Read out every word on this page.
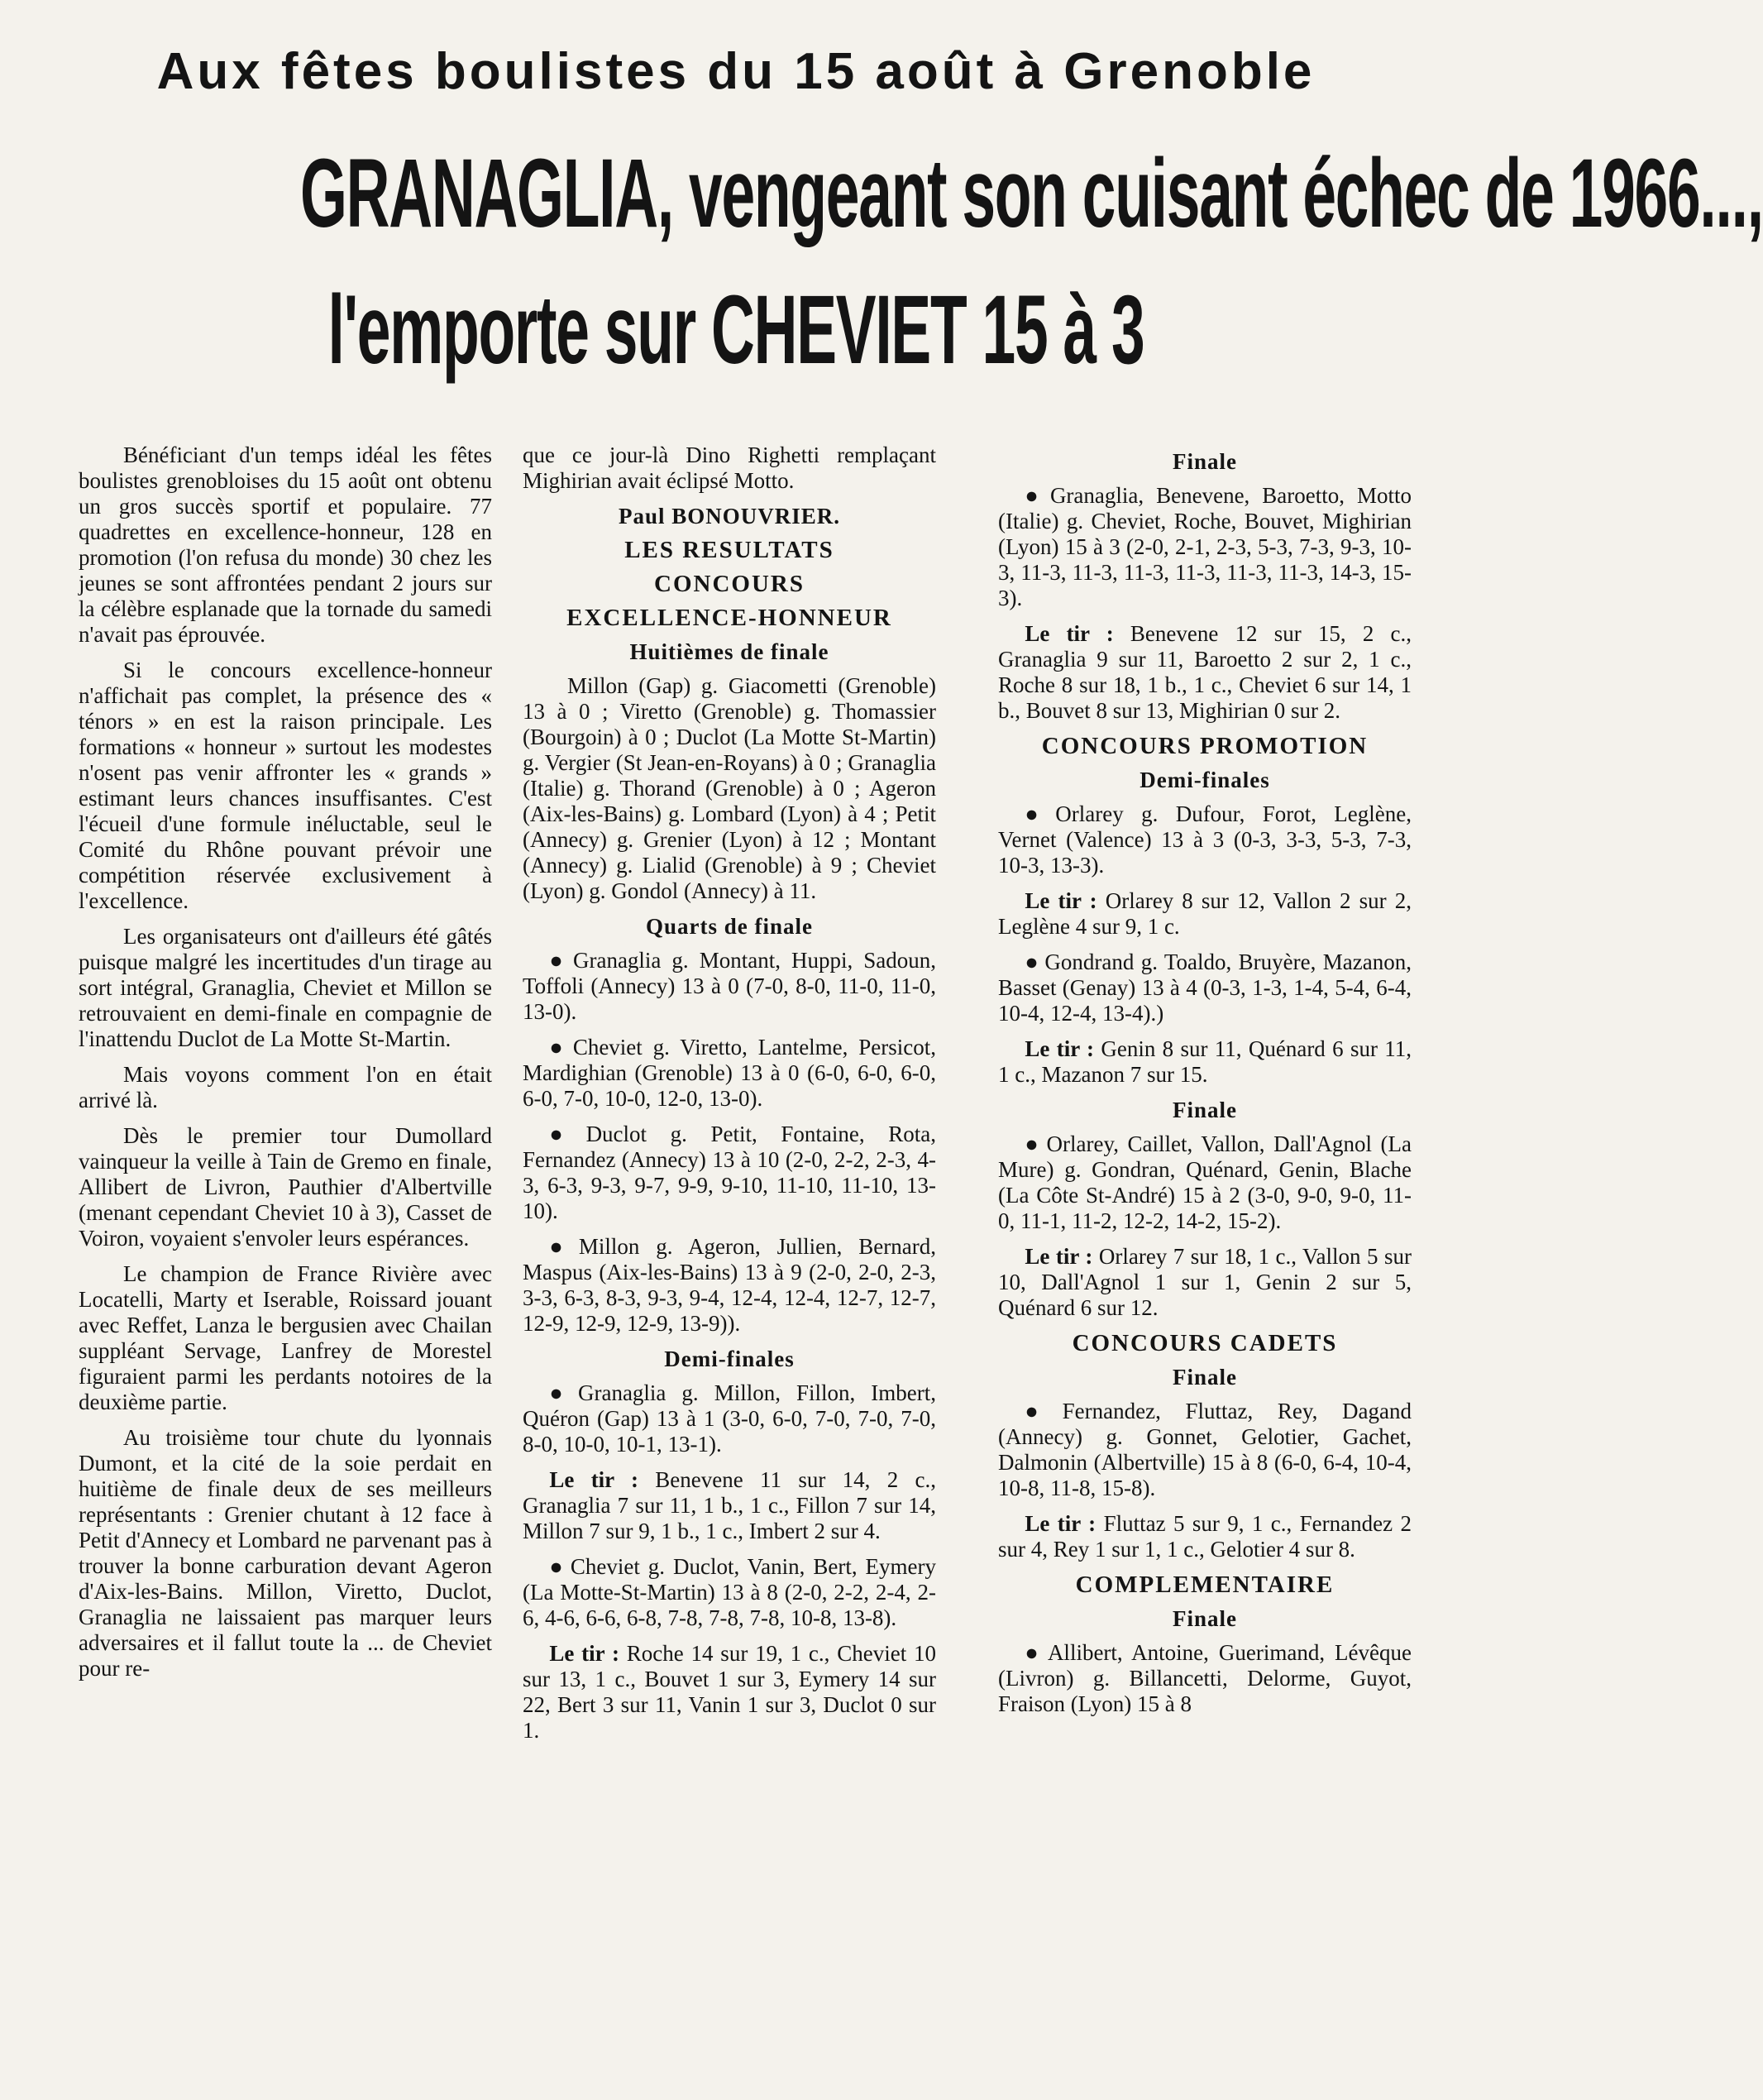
Aux fêtes boulistes du 15 août à Grenoble
GRANAGLIA, vengeant son cuisant échec de 1966...,
l'emporte sur CHEVIET 15 à 3

Bénéficiant d'un temps idéal les fêtes boulistes grenobloises du 15 août ont obtenu un gros succès sportif et populaire. 77 quadrettes en excellence-honneur, 128 en promotion (l'on refusa du monde) 30 chez les jeunes se sont affrontées pendant 2 jours sur la célèbre esplanade que la tornade du samedi n'avait pas éprouvée.

Si le concours excellence-honneur n'affichait pas complet, la présence des « ténors » en est la raison principale. Les formations « honneur » surtout les modestes n'osent pas venir affronter les « grands » estimant leurs chances insuffisantes. C'est l'écueil d'une formule inéluctable, seul le Comité du Rhône pouvant prévoir une compétition réservée exclusivement à l'excellence.

Les organisateurs ont d'ailleurs été gâtés puisque malgré les incertitudes d'un tirage au sort intégral, Granaglia, Cheviet et Millon se retrouvaient en demi-finale en compagnie de l'inattendu Duclot de La Motte St-Martin.

Mais voyons comment l'on en était arrivé là.

Dès le premier tour Dumollard vainqueur la veille à Tain de Gremo en finale, Allibert de Livron, Pauthier d'Albertville (menant cependant Cheviet 10 à 3), Casset de Voiron, voyaient s'envoler leurs espérances.

Le champion de France Rivière avec Locatelli, Marty et Iserable, Roissard jouant avec Reffet, Lanza le bergusien avec Chailan suppléant Servage, Lanfrey de Morestel figuraient parmi les perdants notoires de la deuxième partie.

Au troisième tour chute du lyonnais Dumont, et la cité de la soie perdait en huitième de finale deux de ses meilleurs représentants : Grenier chutant à 12 face à Petit d'Annecy et Lombard ne parvenant pas à trouver la bonne carburation devant Ageron d'Aix-les-Bains. Millon, Viretto, Duclot, Granaglia ne laissaient pas marquer leurs adversaires et il fallut toute la ... de Cheviet pour re-

que ce jour-là Dino Righetti remplaçant Mighirian avait éclipsé Motto.

Paul BONOUVRIER.
LES RESULTATS
CONCOURS
EXCELLENCE-HONNEUR
Huitièmes de finale

Millon (Gap) g. Giacometti (Grenoble) 13 à 0 ; Viretto (Grenoble) g. Thomassier (Bourgoin) à 0 ; Duclot (La Motte St-Martin) g. Vergier (St Jean-en-Royans) à 0 ; Granaglia (Italie) g. Thorand (Grenoble) à 0 ; Ageron (Aix-les-Bains) g. Lombard (Lyon) à 4 ; Petit (Annecy) g. Grenier (Lyon) à 12 ; Montant (Annecy) g. Lialid (Grenoble) à 9 ; Cheviet (Lyon) g. Gondol (Annecy) à 11.

Quarts de finale
● Granaglia g. Montant, Huppi, Sadoun, Toffoli (Annecy) 13 à 0 (7-0, 8-0, 11-0, 11-0, 13-0).
● Cheviet g. Viretto, Lantelme, Persicot, Mardighian (Grenoble) 13 à 0 (6-0, 6-0, 6-0, 6-0, 7-0, 10-0, 12-0, 13-0).
● Duclot g. Petit, Fontaine, Rota, Fernandez (Annecy) 13 à 10 (2-0, 2-2, 2-3, 4-3, 6-3, 9-3, 9-7, 9-9, 9-10, 11-10, 11-10, 13-10).
● Millon g. Ageron, Jullien, Bernard, Maspus (Aix-les-Bains) 13 à 9 (2-0, 2-0, 2-3, 3-3, 6-3, 8-3, 9-3, 9-4, 12-4, 12-4, 12-7, 12-7, 12-9, 12-9, 12-9, 13-9)).
Demi-finales
● Granaglia g. Millon, Fillon, Imbert, Quéron (Gap) 13 à 1 (3-0, 6-0, 7-0, 7-0, 7-0, 8-0, 10-0, 10-1, 13-1).
Le tir : Benevene 11 sur 14, 2 c., Granaglia 7 sur 11, 1 b., 1 c., Fillon 7 sur 14, Millon 7 sur 9, 1 b., 1 c., Imbert 2 sur 4.
● Cheviet g. Duclot, Vanin, Bert, Eymery (La Motte-St-Martin) 13 à 8 (2-0, 2-2, 2-4, 2-6, 4-6, 6-6, 6-8, 7-8, 7-8, 7-8, 10-8, 13-8).
Le tir : Roche 14 sur 19, 1 c., Cheviet 10 sur 13, 1 c., Bouvet 1 sur 3, Eymery 14 sur 22, Bert 3 sur 11, Vanin 1 sur 3, Duclot 0 sur 1.
Finale
● Granaglia, Benevene, Baroetto, Motto (Italie) g. Cheviet, Roche, Bouvet, Mighirian (Lyon) 15 à 3 (2-0, 2-1, 2-3, 5-3, 7-3, 9-3, 10-3, 11-3, 11-3, 11-3, 11-3, 11-3, 11-3, 14-3, 15-3).
Le tir : Benevene 12 sur 15, 2 c., Granaglia 9 sur 11, Baroetto 2 sur 2, 1 c., Roche 8 sur 18, 1 b., 1 c., Cheviet 6 sur 14, 1 b., Bouvet 8 sur 13, Mighirian 0 sur 2.
CONCOURS PROMOTION
Demi-finales
● Orlarey g. Dufour, Forot, Leglène, Vernet (Valence) 13 à 3 (0-3, 3-3, 5-3, 7-3, 10-3, 13-3).
Le tir : Orlarey 8 sur 12, Vallon 2 sur 2, Leglène 4 sur 9, 1 c.
● Gondrand g. Toaldo, Bruyère, Mazanon, Basset (Genay) 13 à 4 (0-3, 1-3, 1-4, 5-4, 6-4, 10-4, 12-4, 13-4).)
Le tir : Genin 8 sur 11, Quénard 6 sur 11, 1 c., Mazanon 7 sur 15.
Finale
● Orlarey, Caillet, Vallon, Dall'Agnol (La Mure) g. Gondran, Quénard, Genin, Blache (La Côte St-André) 15 à 2 (3-0, 9-0, 9-0, 11-0, 11-1, 11-2, 12-2, 14-2, 15-2).
Le tir : Orlarey 7 sur 18, 1 c., Vallon 5 sur 10, Dall'Agnol 1 sur 1, Genin 2 sur 5, Quénard 6 sur 12.
CONCOURS CADETS
Finale
● Fernandez, Fluttaz, Rey, Dagand (Annecy) g. Gonnet, Gelotier, Gachet, Dalmonin (Albertville) 15 à 8 (6-0, 6-4, 10-4, 10-8, 11-8, 15-8).
Le tir : Fluttaz 5 sur 9, 1 c., Fernandez 2 sur 4, Rey 1 sur 1, 1 c., Gelotier 4 sur 8.
COMPLEMENTAIRE
Finale
● Allibert, Antoine, Guerimand, Lévêque (Livron) g. Billancetti, Delorme, Guyot, Fraison (Lyon) 15 à 8
